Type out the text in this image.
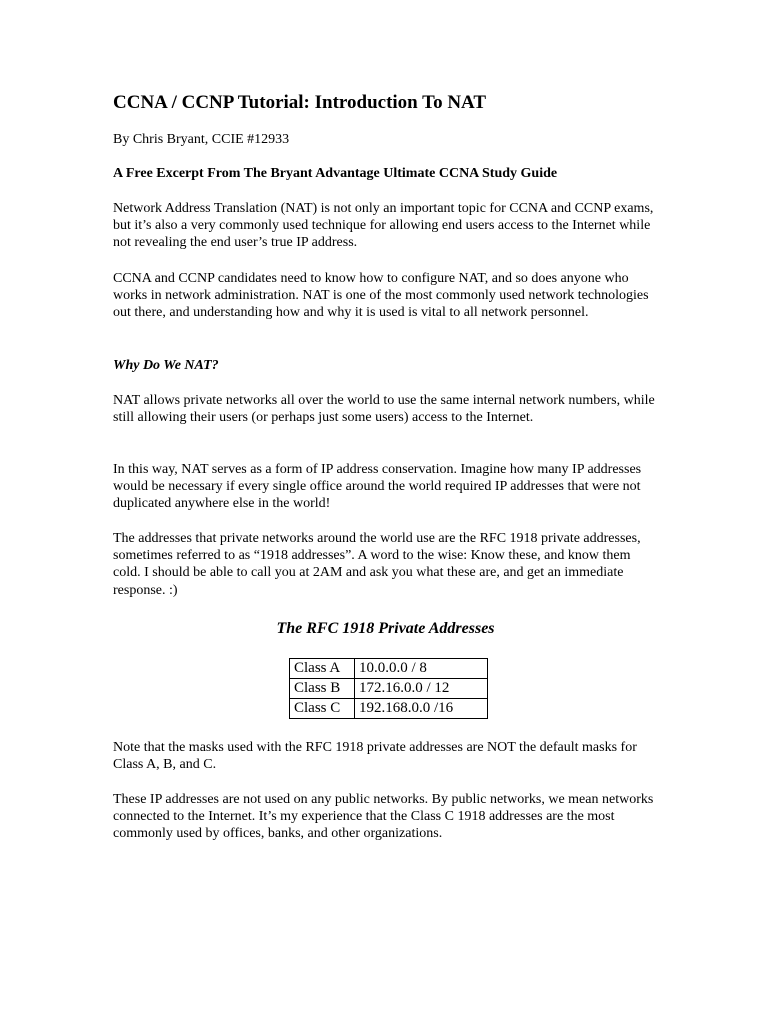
CCNA / CCNP Tutorial: Introduction To NAT
By Chris Bryant, CCIE #12933
A Free Excerpt From The Bryant Advantage Ultimate CCNA Study Guide

Network Address Translation (NAT) is not only an important topic for CCNA and CCNP exams, but it’s also a very commonly used technique for allowing end users access to the Internet while not revealing the end user’s true IP address.

CCNA and CCNP candidates need to know how to configure NAT, and so does anyone who works in network administration. NAT is one of the most commonly used network technologies out there, and understanding how and why it is used is vital to all network personnel.

Why Do We NAT?

NAT allows private networks all over the world to use the same internal network numbers, while still allowing their users (or perhaps just some users) access to the Internet.

In this way, NAT serves as a form of IP address conservation. Imagine how many IP addresses would be necessary if every single office around the world required IP addresses that were not duplicated anywhere else in the world!

The addresses that private networks around the world use are the RFC 1918 private addresses, sometimes referred to as “1918 addresses”. A word to the wise: Know these, and know them cold. I should be able to call you at 2AM and ask you what these are, and get an immediate response. :)

The RFC 1918 Private Addresses
Class A	10.0.0.0 / 8
Class B	172.16.0.0 / 12
Class C	192.168.0.0 /16

Note that the masks used with the RFC 1918 private addresses are NOT the default masks for Class A, B, and C.

These IP addresses are not used on any public networks. By public networks, we mean networks connected to the Internet. It’s my experience that the Class C 1918 addresses are the most commonly used by offices, banks, and other organizations.
